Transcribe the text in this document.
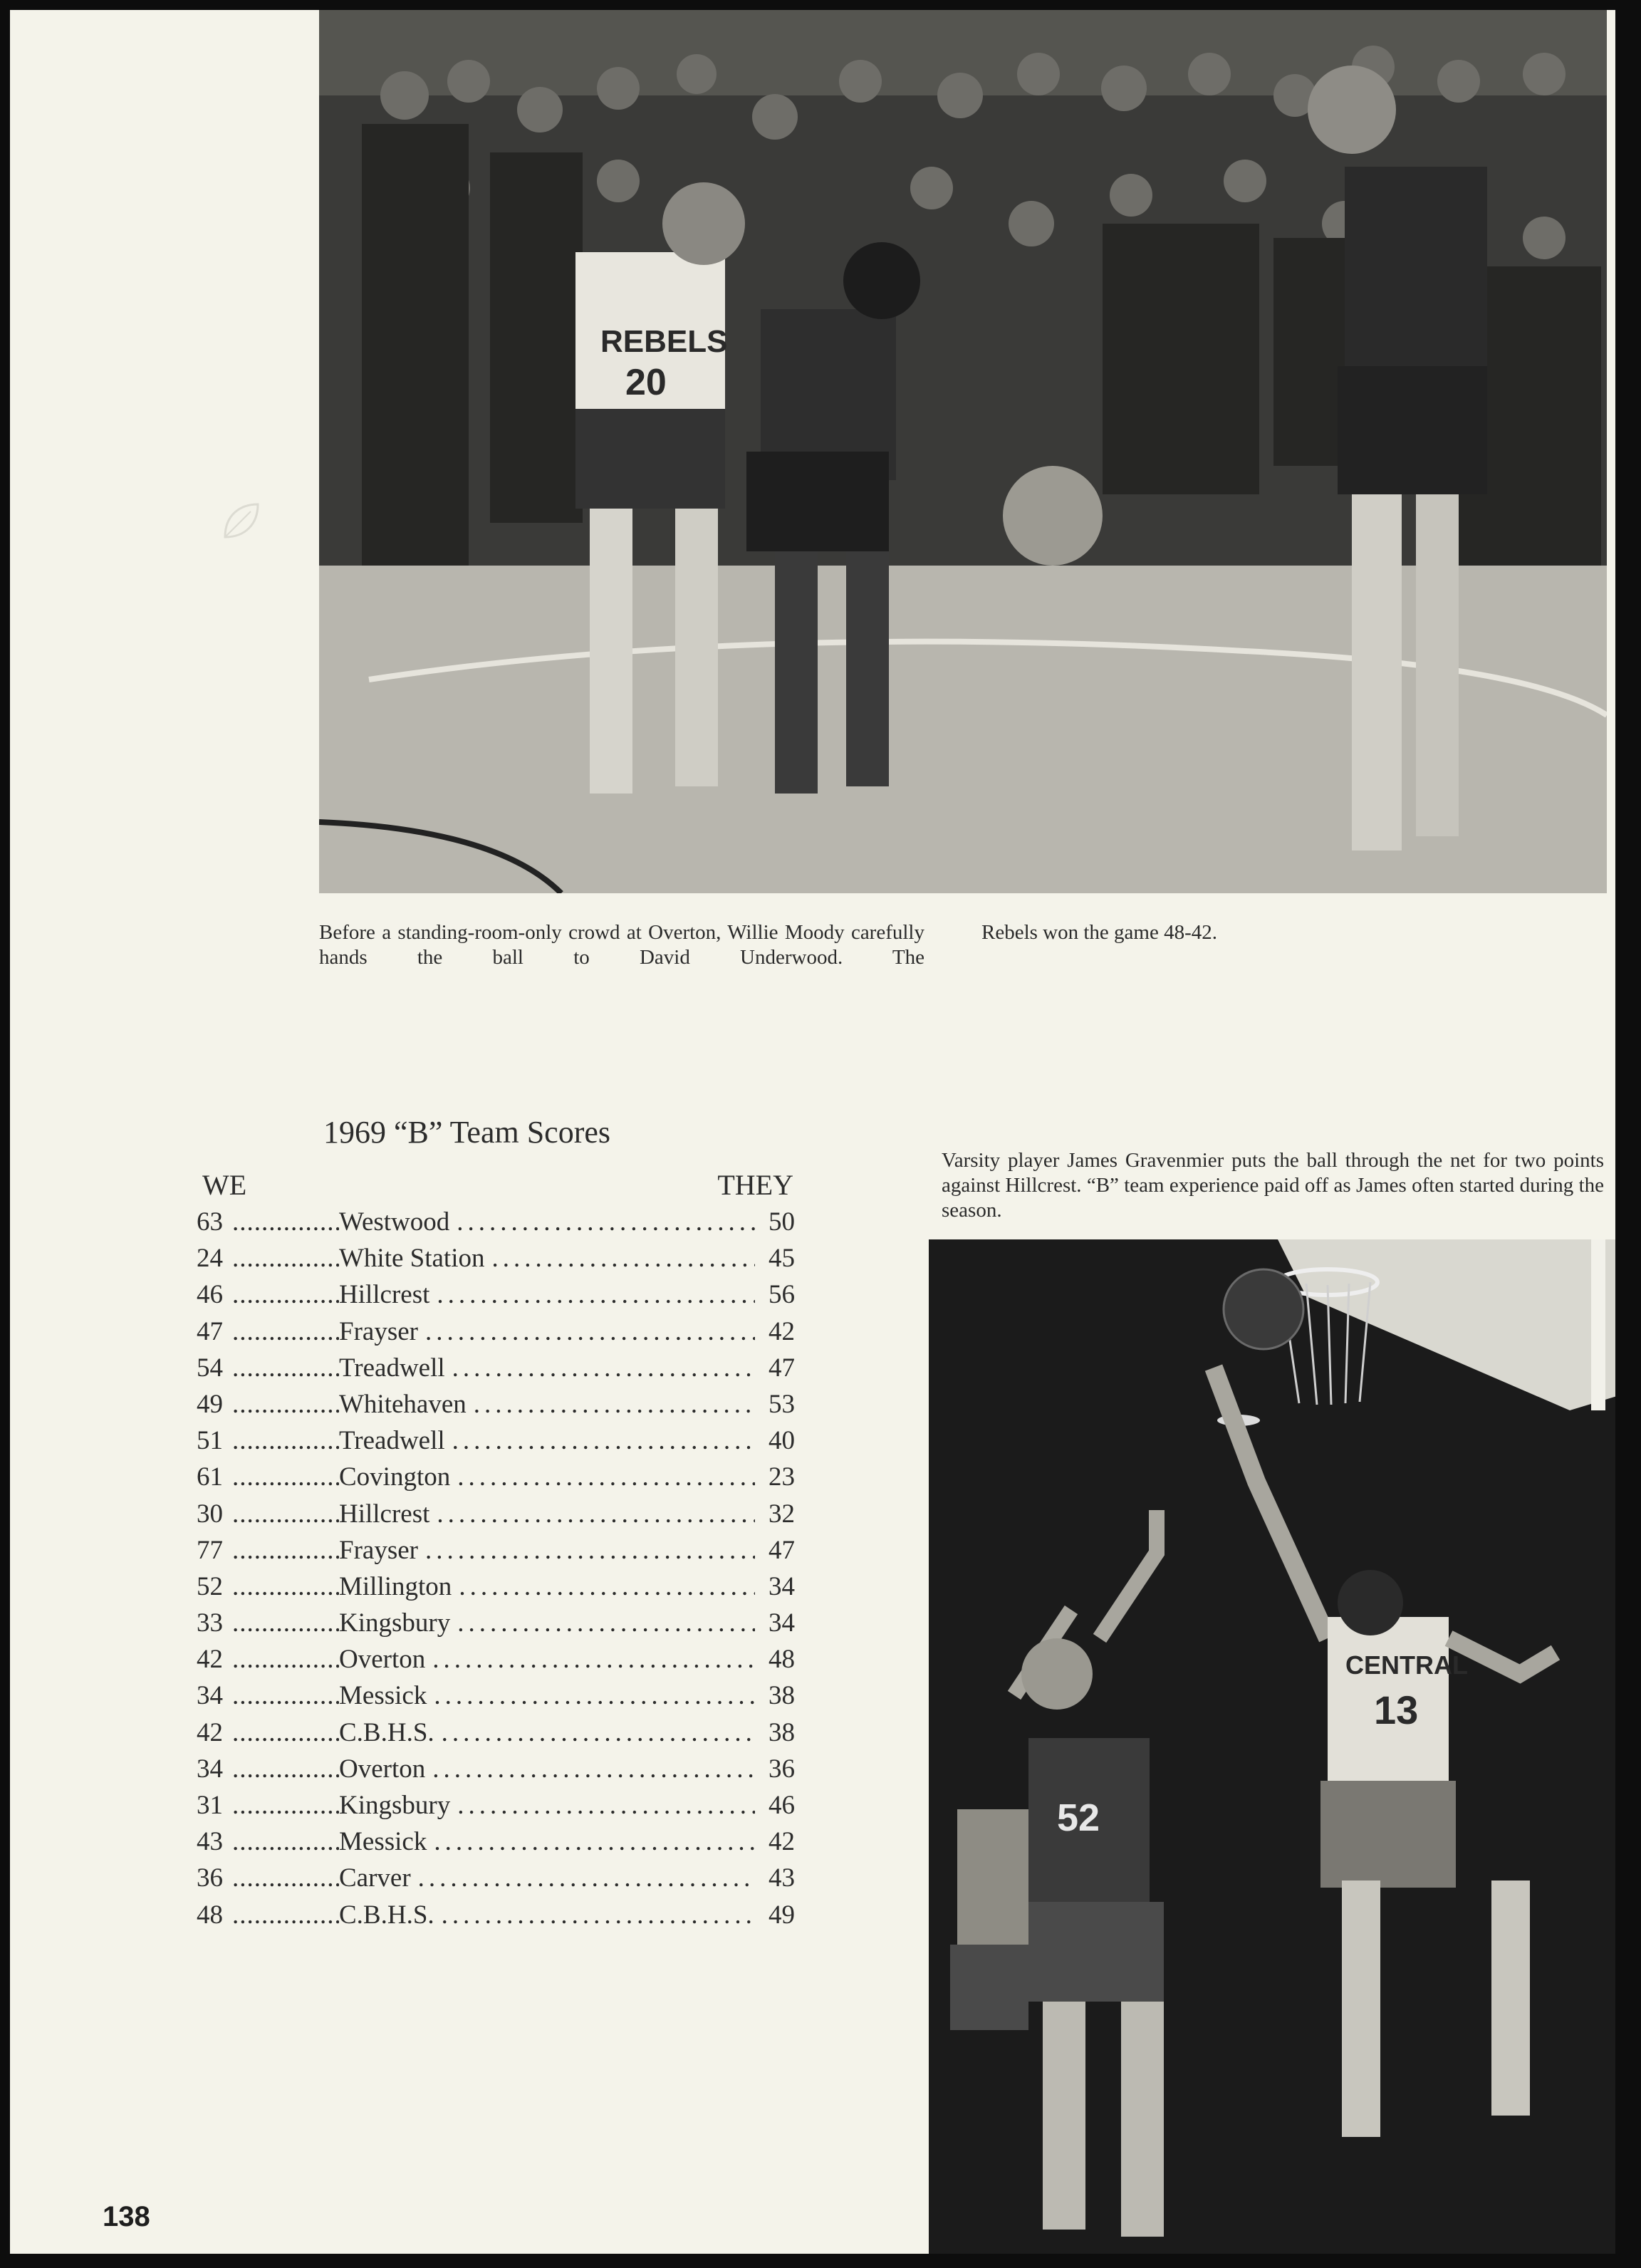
REBELS
20

Before a standing-room-only crowd at Overton, Willie Moody carefully hands the ball to David Underwood. The

Rebels won the game 48-42.

1969 “B” Team Scores
WE	THEY
63 .....	Westwood .....	50
24 .....	White Station .....	45
46 .....	Hillcrest .....	56
47 .....	Frayser .....	42
54 .....	Treadwell .....	47
49 .....	Whitehaven .....	53
51 .....	Treadwell .....	40
61 .....	Covington .....	23
30 .....	Hillcrest .....	32
77 .....	Frayser .....	47
52 .....	Millington .....	34
33 .....	Kingsbury .....	34
42 .....	Overton .....	48
34 .....	Messick .....	38
42 .....	C.B.H.S. .....	38
34 .....	Overton .....	36
31 .....	Kingsbury .....	46
43 .....	Messick .....	42
36 .....	Carver .....	43
48 .....	C.B.H.S. .....	49

Varsity player James Gravenmier puts the ball through the net for two points against Hillcrest. “B” team experience paid off as James often started during the season.

CENTRAL
13
52
138
